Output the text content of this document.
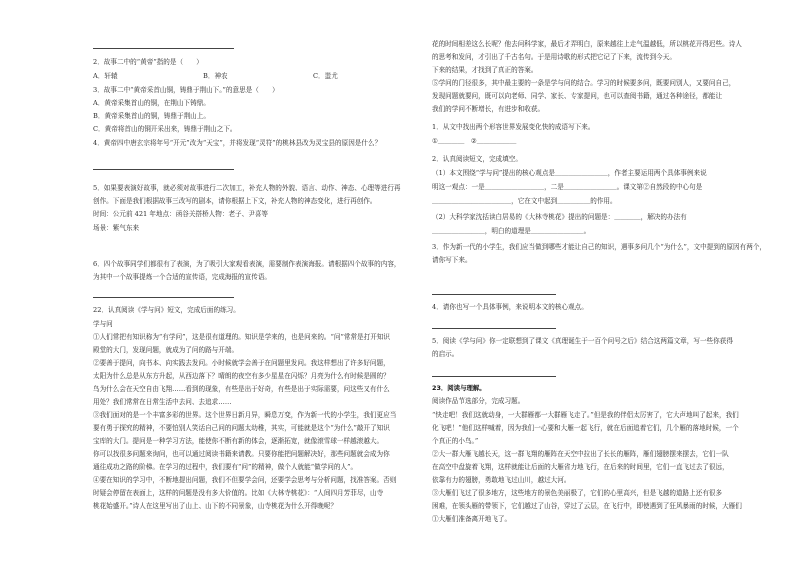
2．故事二中的“黄帝”指的是（　　）
A．轩辕	B．神农	C．蚩尤
3．故事二中“黄帝采首山铜，铸鼎于荆山下。”的意思是（　　）
A．黄帝采集首山的铜，在荆山下铸鼎。
B．黄帝采集首山的铜，铸鼎于荆山上。
C．黄帝将首山的铜开采出来，铸鼎于荆山之下。
4．黄帝四中唐玄宗将年号“开元”改为“天宝”，并将发现“灵符”的桃林县改为灵宝县的原因是什么？
5．如果要表演好故事，就必须对故事进行二次加工，补充人物的外貌、语言、动作、神态、心理等进行再
创作。下面是我们根据故事三改写的剧本，请你根据上下文，补充人物的神态变化，进行再创作。
时间：公元前 421 年地点：函谷关搭桥人物：老子、尹喜等
场景：紫气东来
6．四个故事同学们都很有了表演，为了吸引大家观看表演，需要制作表演海报。请根据四个故事的内容，
为其中一个故事提炼一个合适的宣传语，完成海报的宣传语。
22．认真阅读《学与问》短文，完成后面的练习。
学与问
①人们常把有知识称为“有学问”，这是很有道理的。知识是学来的，也是问来的。“问”常常是打开知识
殿堂的大门，发现问题，就成为了问的路与开端。
②要善于提问，向书本、向实践去发问。小时候就学会善于在问题里发问。我这样想出了许多好问题，
太阳为什么总是从东方升起，从西边落下？晴朗的夜空有多少星星在闪烁？月亮为什么有时候是圆的？
鸟为什么会在天空自由飞翔……看到的现象，有些是出于好奇，有些是出于实际需要，问这些又有什么
用处？我们常常在日常生活中去问、去追求……
③我们面对的是一个丰富多彩的世界。这个世界日新月异，瞬息万变，作为新一代的小学生，我们更应当
要有勇于探究的精神，不要怕别人笑话自己问的问题太幼稚，其实，可能就是这个“为什么”敲开了知识
宝库的大门。提问是一种学习方法，能使你不断有新的体会，逐渐拓宽，就像滚雪球一样越滚越大。
你可以找很多问题来询问，也可以通过阅读书籍来请教。只要你能把问题解决好，那些问题就会成为你
通往成功之路的阶梯。在学习的过程中，我们要有“问”的精神，做个人就能“做学问的人”。
④要在知识的学习中，不断地提出问题，我们不但要学会问，还要学会思考与分析问题，找准答案。否则
时疑会停留在表面上，这样的问题是没有多大价值的。比如《大林寺桃花》：“人间四月芳菲尽，山寺
桃花始盛开。”诗人在这里写出了山上、山下的不同景象，山寺桃花为什么开得晚呢？
花的时间相差这么长呢？他去问科学家，最后才弄明白，原来越往上走气温越低，所以桃花开得迟些。诗人
的思考和发问，才引出了千古名句。于是用诗歌的形式把它记了下来，流传到今天。
下来的结果，才找到了真正的答案。
⑤学问的门径很多，其中最主要的一条是学与问的结合。学习的时候要多问，既要问别人，又要问自己，
发现问题就要问，既可以向老师、同学、家长、专家提问，也可以查阅书籍，通过各种途径，都能让
我们的学问不断增长，有进步和收获。
1．从文中找出两个形容世界发展变化快的成语写下来。
①＿＿＿＿　②＿＿＿＿＿＿
2．认真阅读短文，完成填空。
（1）本文围绕“学与问”提出的核心观点是＿＿＿＿＿＿＿＿，作者主要运用两个具体事例来说
明这一观点：一是＿＿＿＿＿＿＿＿＿，二是＿＿＿＿＿＿＿＿。课文第②自然段的中心句是
＿＿＿＿＿＿＿＿＿＿＿＿，它在文中起到＿＿＿＿＿的作用。
（2）大科学家沈括读白居易的《大林寺桃花》提出的问题是：＿＿＿＿，解决的办法有
＿＿＿＿＿＿＿＿，明白的道理是＿＿＿＿＿＿＿＿。
3．作为新一代的小学生，我们应当做到哪些才能让自己的知识，遇事多问几个“为什么”，文中提到的原因有两个，
请你写下来。
4．请你也写一个具体事例，来说明本文的核心观点。
5．阅读《学与问》你一定联想到了课文《真理诞生于一百个问号之后》结合这两篇文章，写一些你获得
的启示。
23．阅读与理解。
阅读作品节选部分，完成习题。
“快走吧！我们这就动身，一大群雁都一大群雁飞走了。”但是我的伴侣太厉害了，它大声地叫了起来，我们
化飞吧！”他们这样喊着，因为我们一心要和大雁一起飞行，就在后面追着它们，几个雁的落地时候，一个
个真正的小鸟。”
②大一群大雁飞越长天，这一群飞翔的雁阵在天空中拉出了长长的雁阵，雁们翅膀摆来摆去，它们一队
在高空中盘旋着飞翔，这样就能让后面的大雁省力地飞行，在后来的时间里，它们一直飞过去了很远，
依靠有力的翅膀，勇敢地飞过山川，越过大河。
③大雁们飞过了很多地方，这些地方的景色美丽极了，它们的心里高兴，但是飞越的道路上还有很多
困难，在领头雁的带领下，它们越过了山谷，穿过了云层，在飞行中，即使遇到了狂风暴雨的时候，大雁们
①大雁们准备离开地飞了。
